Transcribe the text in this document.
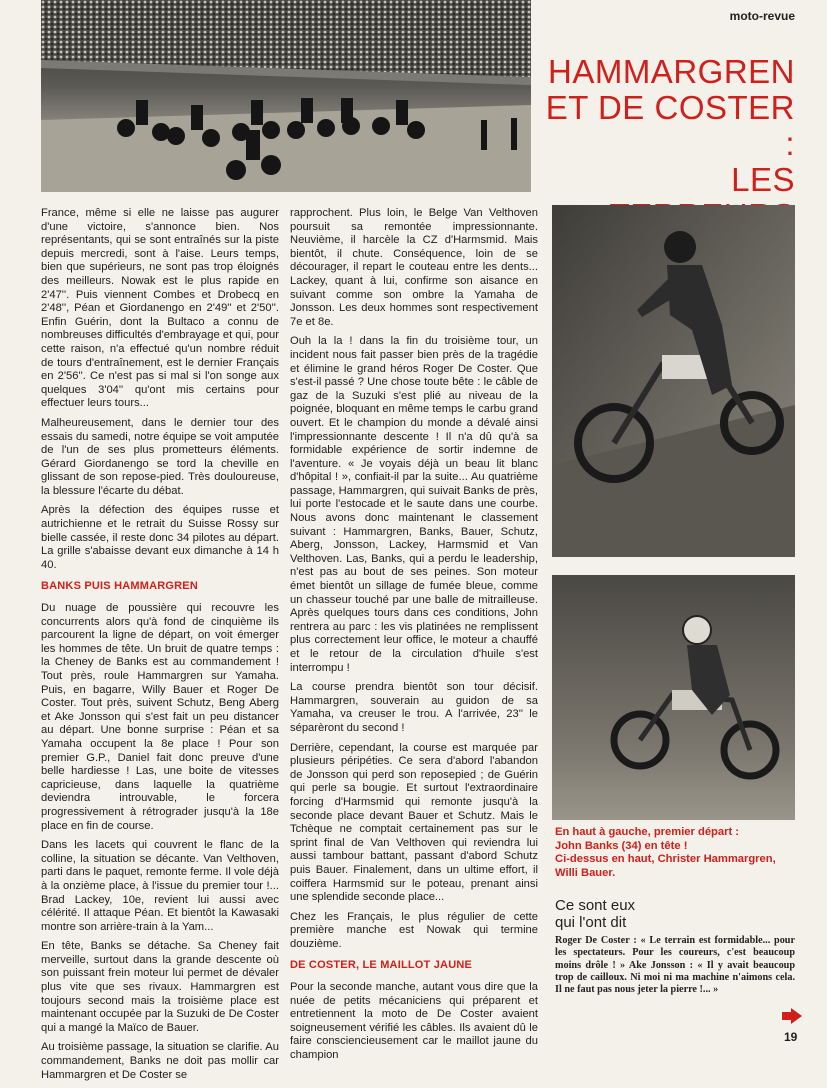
moto-revue
HAMMARGREN
ET DE COSTER :
LES

France, même si elle ne laisse pas augurer d'une victoire, s'annonce bien. Nos représentants, qui se sont entraînés sur la piste depuis mercredi, sont à l'aise. Leurs temps, bien que supérieurs, ne sont pas trop éloignés des meilleurs. Nowak est le plus rapide en 2'47''. Puis viennent Combes et Drobecq en 2'48'', Péan et Giordanengo en 2'49'' et 2'50''. Enfin Guérin, dont la Bultaco a connu de nombreuses difficultés d'embrayage et qui, pour cette raison, n'a effectué qu'un nombre réduit de tours d'entraînement, est le dernier Français en 2'56''. Ce n'est pas si mal si l'on songe aux quelques 3'04'' qu'ont mis certains pour effectuer leurs tours...

Malheureusement, dans le dernier tour des essais du samedi, notre équipe se voit amputée de l'un de ses plus prometteurs éléments. Gérard Giordanengo se tord la cheville en glissant de son repose-pied. Très douloureuse, la blessure l'écarte du débat.

Après la défection des équipes russe et autrichienne et le retrait du Suisse Rossy sur bielle cassée, il reste donc 34 pilotes au départ. La grille s'abaisse devant eux dimanche à 14 h 40.

BANKS PUIS HAMMARGREN

Du nuage de poussière qui recouvre les concurrents alors qu'à fond de cinquième ils parcourent la ligne de départ, on voit émerger les hommes de tête. Un bruit de quatre temps : la Cheney de Banks est au commandement ! Tout près, roule Hammargren sur Yamaha. Puis, en bagarre, Willy Bauer et Roger De Coster. Tout près, suivent Schutz, Beng Aberg et Ake Jonsson qui s'est fait un peu distancer au départ. Une bonne surprise : Péan et sa Yamaha occupent la 8e place ! Pour son premier G.P., Daniel fait donc preuve d'une belle hardiesse ! Las, une boite de vitesses capricieuse, dans laquelle la quatrième deviendra introuvable, le forcera progressivement à rétrograder jusqu'à la 18e place en fin de course.

Dans les lacets qui couvrent le flanc de la colline, la situation se décante. Van Velthoven, parti dans le paquet, remonte ferme. Il vole déjà à la onzième place, à l'issue du premier tour !... Brad Lackey, 10e, revient lui aussi avec célérité. Il attaque Péan. Et bientôt la Kawasaki montre son arrière-train à la Yam...

En tête, Banks se détache. Sa Cheney fait merveille, surtout dans la grande descente où son puissant frein moteur lui permet de dévaler plus vite que ses rivaux. Hammargren est toujours second mais la troisième place est maintenant occupée par la Suzuki de De Coster qui a mangé la Maïco de Bauer.

Au troisième passage, la situation se clarifie. Au commandement, Banks ne doit pas mollir car Hammargren et De Coster se

rapprochent. Plus loin, le Belge Van Velthoven poursuit sa remontée impressionnante. Neuvième, il harcèle la CZ d'Harmsmid. Mais bientôt, il chute. Conséquence, loin de se décourager, il repart le couteau entre les dents... Lackey, quant à lui, confirme son aisance en suivant comme son ombre la Yamaha de Jonsson. Les deux hommes sont respectivement 7e et 8e.

Ouh la la ! dans la fin du troisième tour, un incident nous fait passer bien près de la tragédie et élimine le grand héros Roger De Coster. Que s'est-il passé ? Une chose toute bête : le câble de gaz de la Suzuki s'est plié au niveau de la poignée, bloquant en même temps le carbu grand ouvert. Et le champion du monde a dévalé ainsi l'impressionnante descente ! Il n'a dû qu'à sa formidable expérience de sortir indemne de l'aventure. « Je voyais déjà un beau lit blanc d'hôpital ! », confiait-il par la suite... Au quatrième passage, Hammargren, qui suivait Banks de près, lui porte l'estocade et le saute dans une courbe. Nous avons donc maintenant le classement suivant : Hammargren, Banks, Bauer, Schutz, Aberg, Jonsson, Lackey, Harmsmid et Van Velthoven. Las, Banks, qui a perdu le leadership, n'est pas au bout de ses peines. Son moteur émet bientôt un sillage de fumée bleue, comme un chasseur touché par une balle de mitrailleuse. Après quelques tours dans ces conditions, John rentrera au parc : les vis platinées ne remplissent plus correctement leur office, le moteur a chauffé et le retour de la circulation d'huile s'est interrompu !

La course prendra bientôt son tour décisif. Hammargren, souverain au guidon de sa Yamaha, va creuser le trou. A l'arrivée, 23'' le séparèront du second !

Derrière, cependant, la course est marquée par plusieurs péripéties. Ce sera d'abord l'abandon de Jonsson qui perd son reposepied ; de Guérin qui perle sa bougie. Et surtout l'extraordinaire forcing d'Harmsmid qui remonte jusqu'à la seconde place devant Bauer et Schutz. Mais le Tchèque ne comptait certainement pas sur le sprint final de Van Velthoven qui reviendra lui aussi tambour battant, passant d'abord Schutz puis Bauer. Finalement, dans un ultime effort, il coiffera Harmsmid sur le poteau, prenant ainsi une splendide seconde place...

Chez les Français, le plus régulier de cette première manche est Nowak qui termine douzième.

DE COSTER, LE MAILLOT JAUNE

Pour la seconde manche, autant vous dire que la nuée de petits mécaniciens qui préparent et entretiennent la moto de De Coster avaient soigneusement vérifié les câbles. Ils avaient dû le faire consciencieusement car le maillot jaune du champion

En haut à gauche, premier départ :
John Banks (34) en tête !
Ci-dessus en haut, Christer Hammargren,
Willi Bauer.
Ce sont eux
qui l'ont dit

Roger De Coster : « Le terrain est formidable... pour les spectateurs. Pour les coureurs, c'est beaucoup moins drôle ! » Ake Jonsson : « Il y avait beaucoup trop de cailloux. Ni moi ni ma machine n'aimons cela. Il ne faut pas nous jeter la pierre !... »

19
